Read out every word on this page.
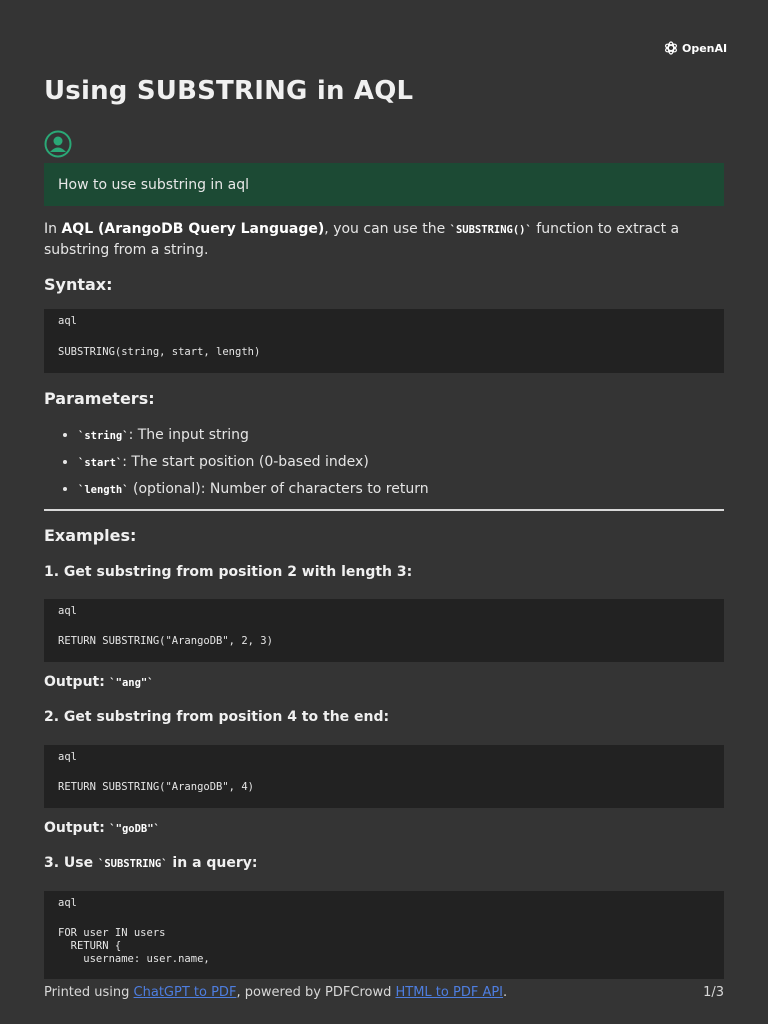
OpenAI
Using SUBSTRING in AQL
How to use substring in aql
In AQL (ArangoDB Query Language), you can use the `SUBSTRING()` function to extract a substring from a string.
Syntax:
aql
SUBSTRING(string, start, length)
Parameters:
• `string`: The input string
• `start`: The start position (0-based index)
• `length` (optional): Number of characters to return
Examples:
1. Get substring from position 2 with length 3:
aql
RETURN SUBSTRING("ArangoDB", 2, 3)
Output: `"ang"`
2. Get substring from position 4 to the end:
aql
RETURN SUBSTRING("ArangoDB", 4)
Output: `"goDB"`
3. Use `SUBSTRING` in a query:
aql
FOR user IN users
RETURN {
username: user.name,
Printed using ChatGPT to PDF, powered by PDFCrowd HTML to PDF API.	1/3
